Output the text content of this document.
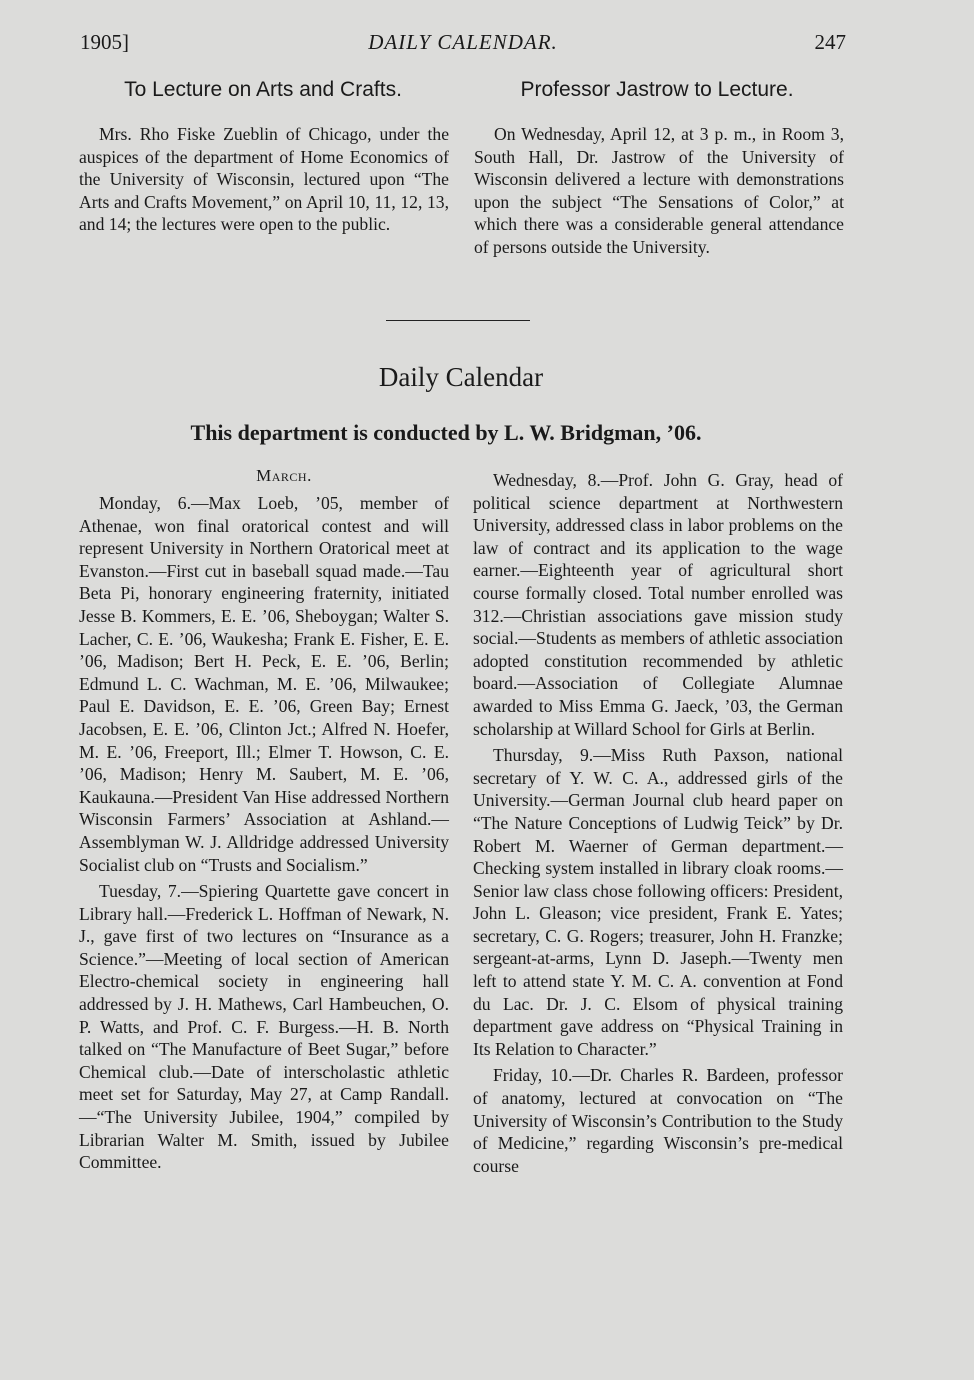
1905]	DAILY CALENDAR.	247
To Lecture on Arts and Crafts.	Professor Jastrow to Lecture.
Mrs. Rho Fiske Zueblin of Chicago, under the auspices of the department of Home Economics of the University of Wisconsin, lectured upon “The Arts and Crafts Movement,” on April 10, 11, 12, 13, and 14; the lectures were open to the public.
On Wednesday, April 12, at 3 p. m., in Room 3, South Hall, Dr. Jastrow of the University of Wisconsin delivered a lecture with demonstrations upon the subject “The Sensations of Color,” at which there was a considerable general attendance of persons outside the University.
Daily Calendar
This department is conducted by L. W. Bridgman, ’06.
March.

Monday, 6.—Max Loeb, ’05, member of Athenae, won final oratorical contest and will represent University in Northern Oratorical meet at Evanston.—First cut in baseball squad made.—Tau Beta Pi, honorary engineering fraternity, initiated Jesse B. Kommers, E. E. ’06, Sheboygan; Walter S. Lacher, C. E. ’06, Waukesha; Frank E. Fisher, E. E. ’06, Madison; Bert H. Peck, E. E. ’06, Berlin; Edmund L. C. Wachman, M. E. ’06, Milwaukee; Paul E. Davidson, E. E. ’06, Green Bay; Ernest Jacobsen, E. E. ’06, Clinton Jct.; Alfred N. Hoefer, M. E. ’06, Freeport, Ill.; Elmer T. Howson, C. E. ’06, Madison; Henry M. Saubert, M. E. ’06, Kaukauna.—President Van Hise addressed Northern Wisconsin Farmers’ Association at Ashland.—Assemblyman W. J. Alldridge addressed University Socialist club on “Trusts and Socialism.”

Tuesday, 7.—Spiering Quartette gave concert in Library hall.—Frederick L. Hoffman of Newark, N. J., gave first of two lectures on “Insurance as a Science.”—Meeting of local section of American Electro-chemical society in engineering hall addressed by J. H. Mathews, Carl Hambeuchen, O. P. Watts, and Prof. C. F. Burgess.—H. B. North talked on “The Manufacture of Beet Sugar,” before Chemical club.—Date of interscholastic athletic meet set for Saturday, May 27, at Camp Randall.—“The University Jubilee, 1904,” compiled by Librarian Walter M. Smith, issued by Jubilee Committee.

Wednesday, 8.—Prof. John G. Gray, head of political science department at Northwestern University, addressed class in labor problems on the law of contract and its application to the wage earner.—Eighteenth year of agricultural short course formally closed. Total number enrolled was 312.—Christian associations gave mission study social.—Students as members of athletic association adopted constitution recommended by athletic board.—Association of Collegiate Alumnae awarded to Miss Emma G. Jaeck, ’03, the German scholarship at Willard School for Girls at Berlin.

Thursday, 9.—Miss Ruth Paxson, national secretary of Y. W. C. A., addressed girls of the University.—German Journal club heard paper on “The Nature Conceptions of Ludwig Teick” by Dr. Robert M. Waerner of German department.—Checking system installed in library cloak rooms.—Senior law class chose following officers: President, John L. Gleason; vice president, Frank E. Yates; secretary, C. G. Rogers; treasurer, John H. Franzke; sergeant-at-arms, Lynn D. Jaseph.—Twenty men left to attend state Y. M. C. A. convention at Fond du Lac. Dr. J. C. Elsom of physical training department gave address on “Physical Training in Its Relation to Character.”

Friday, 10.—Dr. Charles R. Bardeen, professor of anatomy, lectured at convocation on “The University of Wisconsin’s Contribution to the Study of Medicine,” regarding Wisconsin’s pre-medical course
